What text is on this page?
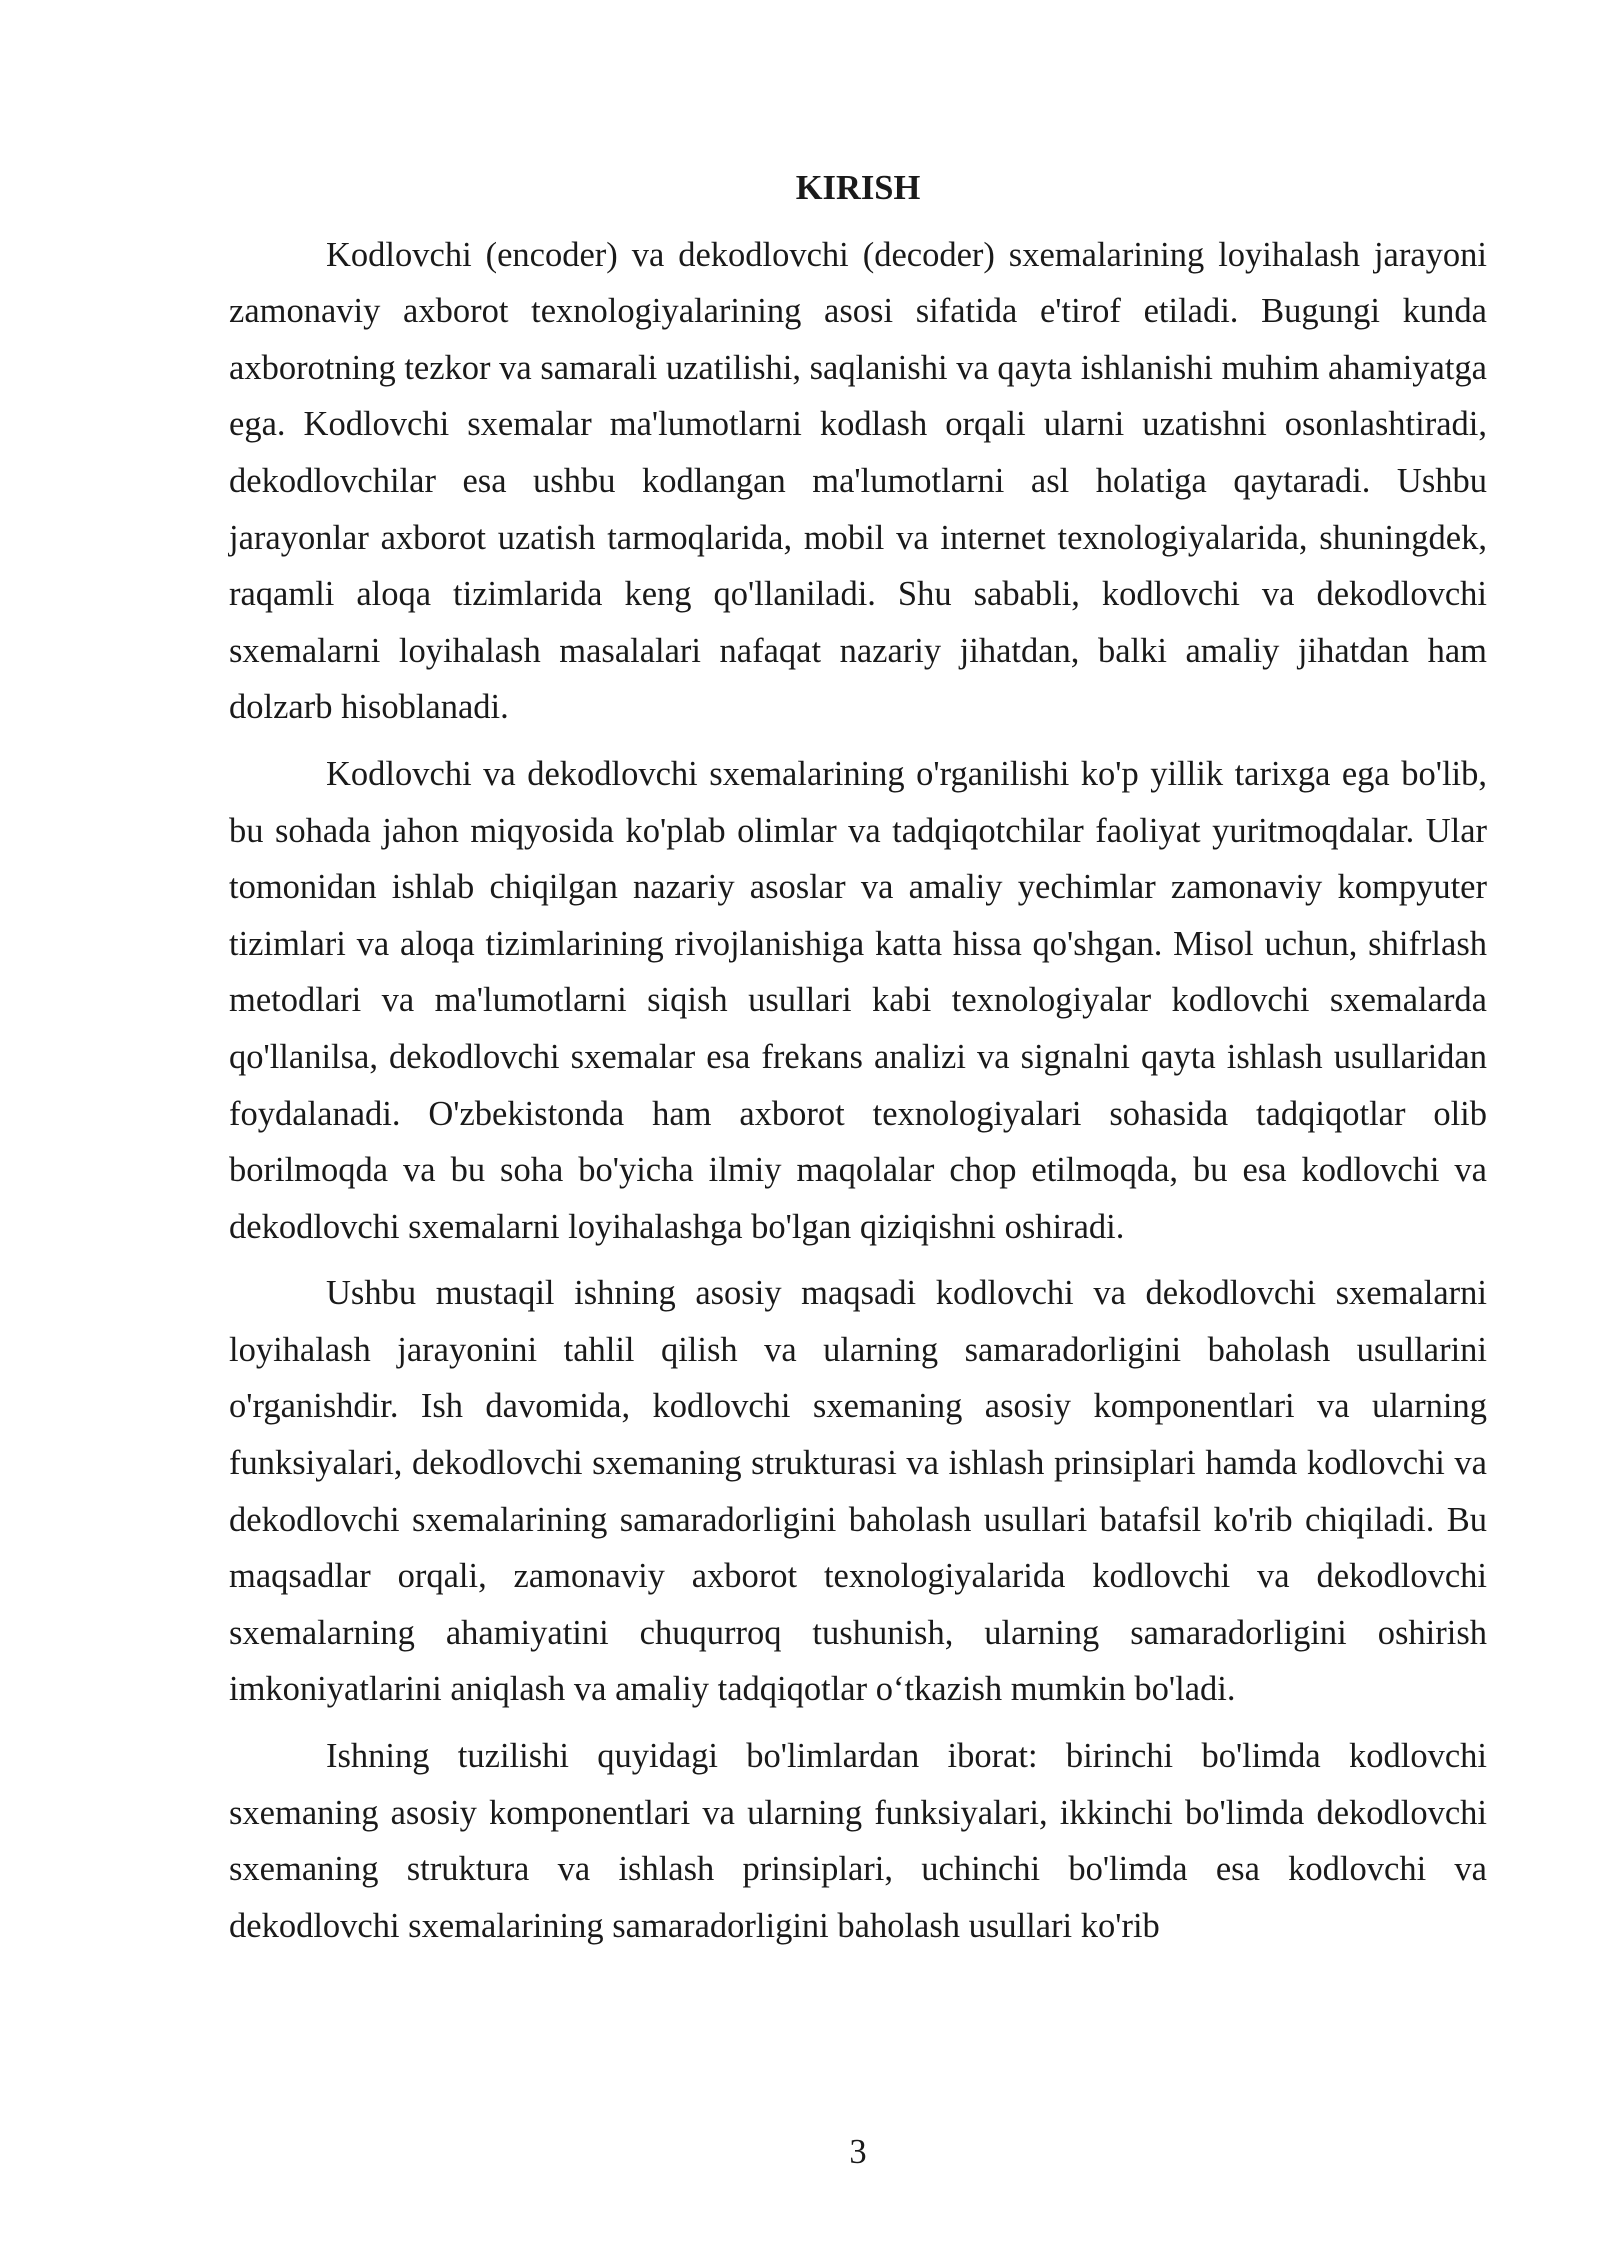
KIRISH

Kodlovchi (encoder) va dekodlovchi (decoder) sxemalarining loyihalash jarayoni zamonaviy axborot texnologiyalarining asosi sifatida e'tirof etiladi. Bugungi kunda axborotning tezkor va samarali uzatilishi, saqlanishi va qayta ishlanishi muhim ahamiyatga ega. Kodlovchi sxemalar ma'lumotlarni kodlash orqali ularni uzatishni osonlashtiradi, dekodlovchilar esa ushbu kodlangan ma'lumotlarni asl holatiga qaytaradi. Ushbu jarayonlar axborot uzatish tarmoqlarida, mobil va internet texnologiyalarida, shuningdek, raqamli aloqa tizimlarida keng qo'llaniladi. Shu sababli, kodlovchi va dekodlovchi sxemalarni loyihalash masalalari nafaqat nazariy jihatdan, balki amaliy jihatdan ham dolzarb hisoblanadi.

Kodlovchi va dekodlovchi sxemalarining o'rganilishi ko'p yillik tarixga ega bo'lib, bu sohada jahon miqyosida ko'plab olimlar va tadqiqotchilar faoliyat yuritmoqdalar. Ular tomonidan ishlab chiqilgan nazariy asoslar va amaliy yechimlar zamonaviy kompyuter tizimlari va aloqa tizimlarining rivojlanishiga katta hissa qo'shgan. Misol uchun, shifrlash metodlari va ma'lumotlarni siqish usullari kabi texnologiyalar kodlovchi sxemalarda qo'llanilsa, dekodlovchi sxemalar esa frekans analizi va signalni qayta ishlash usullaridan foydalanadi. O'zbekistonda ham axborot texnologiyalari sohasida tadqiqotlar olib borilmoqda va bu soha bo'yicha ilmiy maqolalar chop etilmoqda, bu esa kodlovchi va dekodlovchi sxemalarni loyihalashga bo'lgan qiziqishni oshiradi.

Ushbu mustaqil ishning asosiy maqsadi kodlovchi va dekodlovchi sxemalarni loyihalash jarayonini tahlil qilish va ularning samaradorligini baholash usullarini o'rganishdir. Ish davomida, kodlovchi sxemaning asosiy komponentlari va ularning funksiyalari, dekodlovchi sxemaning strukturasi va ishlash prinsiplari hamda kodlovchi va dekodlovchi sxemalarining samaradorligini baholash usullari batafsil ko'rib chiqiladi. Bu maqsadlar orqali, zamonaviy axborot texnologiyalarida kodlovchi va dekodlovchi sxemalarning ahamiyatini chuqurroq tushunish, ularning samaradorligini oshirish imkoniyatlarini aniqlash va amaliy tadqiqotlar o‘tkazish mumkin bo'ladi.

Ishning tuzilishi quyidagi bo'limlardan iborat: birinchi bo'limda kodlovchi sxemaning asosiy komponentlari va ularning funksiyalari, ikkinchi bo'limda dekodlovchi sxemaning struktura va ishlash prinsiplari, uchinchi bo'limda esa kodlovchi va dekodlovchi sxemalarining samaradorligini baholash usullari ko'rib

3
